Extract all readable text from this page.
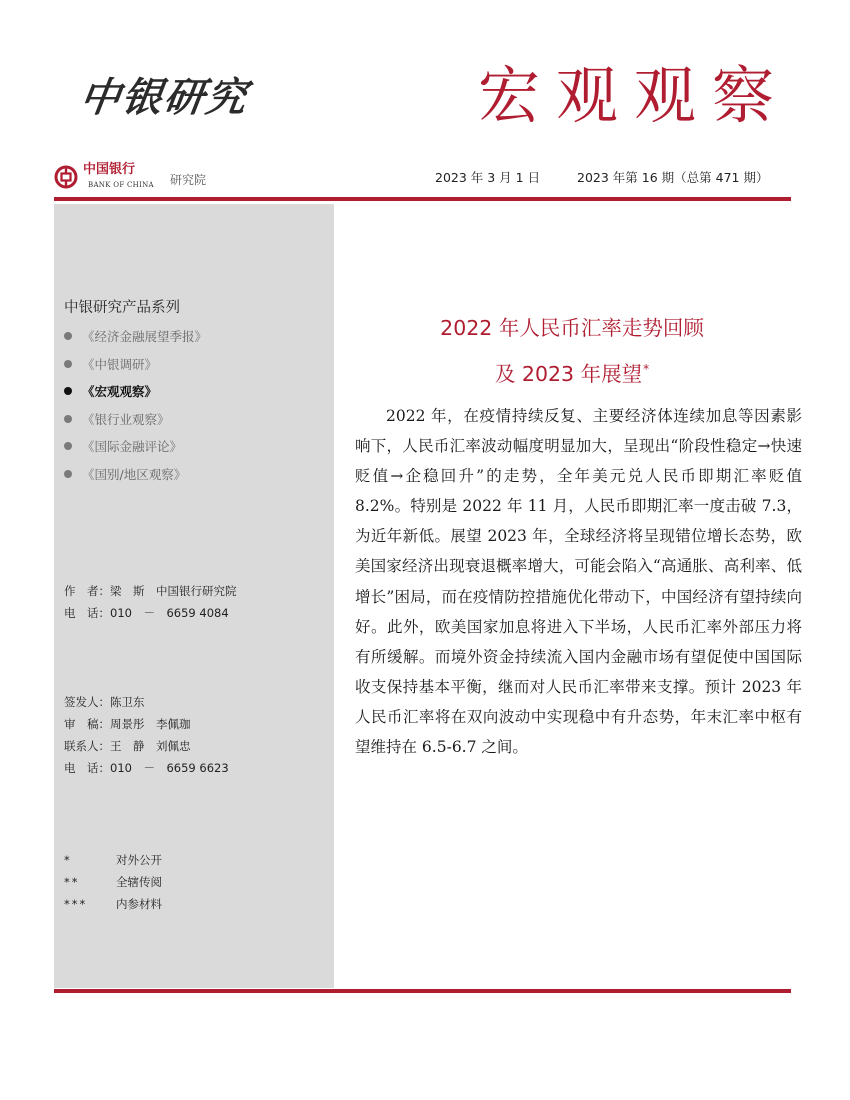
中银研究	宏观观察
中国银行
BANK OF CHINA 研究院	2023 年 3 月 1 日	2023 年第 16 期（总第 471 期）
中银研究产品系列
《经济金融展望季报》
《中银调研》
《宏观观察》
《银行业观察》
《国际金融评论》
《国别/地区观察》
作　者：梁　斯　中国银行研究院
电　话：010　－　6659 4084
签发人：陈卫东
审　稿：周景彤　李佩珈
联系人：王　静　刘佩忠
电　话：010　－　6659 6623
*	对外公开
**	全辖传阅
***	内参材料
2022 年人民币汇率走势回顾
及 2023 年展望*

2022 年，在疫情持续反复、主要经济体连续加息等因素影响下，人民币汇率波动幅度明显加大，呈现出“阶段性稳定→快速贬值→企稳回升”的走势，全年美元兑人民币即期汇率贬值 8.2%。特别是 2022 年 11 月，人民币即期汇率一度击破 7.3，为近年新低。展望 2023 年，全球经济将呈现错位增长态势，欧美国家经济出现衰退概率增大，可能会陷入“高通胀、高利率、低增长”困局，而在疫情防控措施优化带动下，中国经济有望持续向好。此外，欧美国家加息将进入下半场，人民币汇率外部压力将有所缓解。而境外资金持续流入国内金融市场有望促使中国国际收支保持基本平衡，继而对人民币汇率带来支撑。预计 2023 年人民币汇率将在双向波动中实现稳中有升态势，年末汇率中枢有望维持在 6.5-6.7 之间。
